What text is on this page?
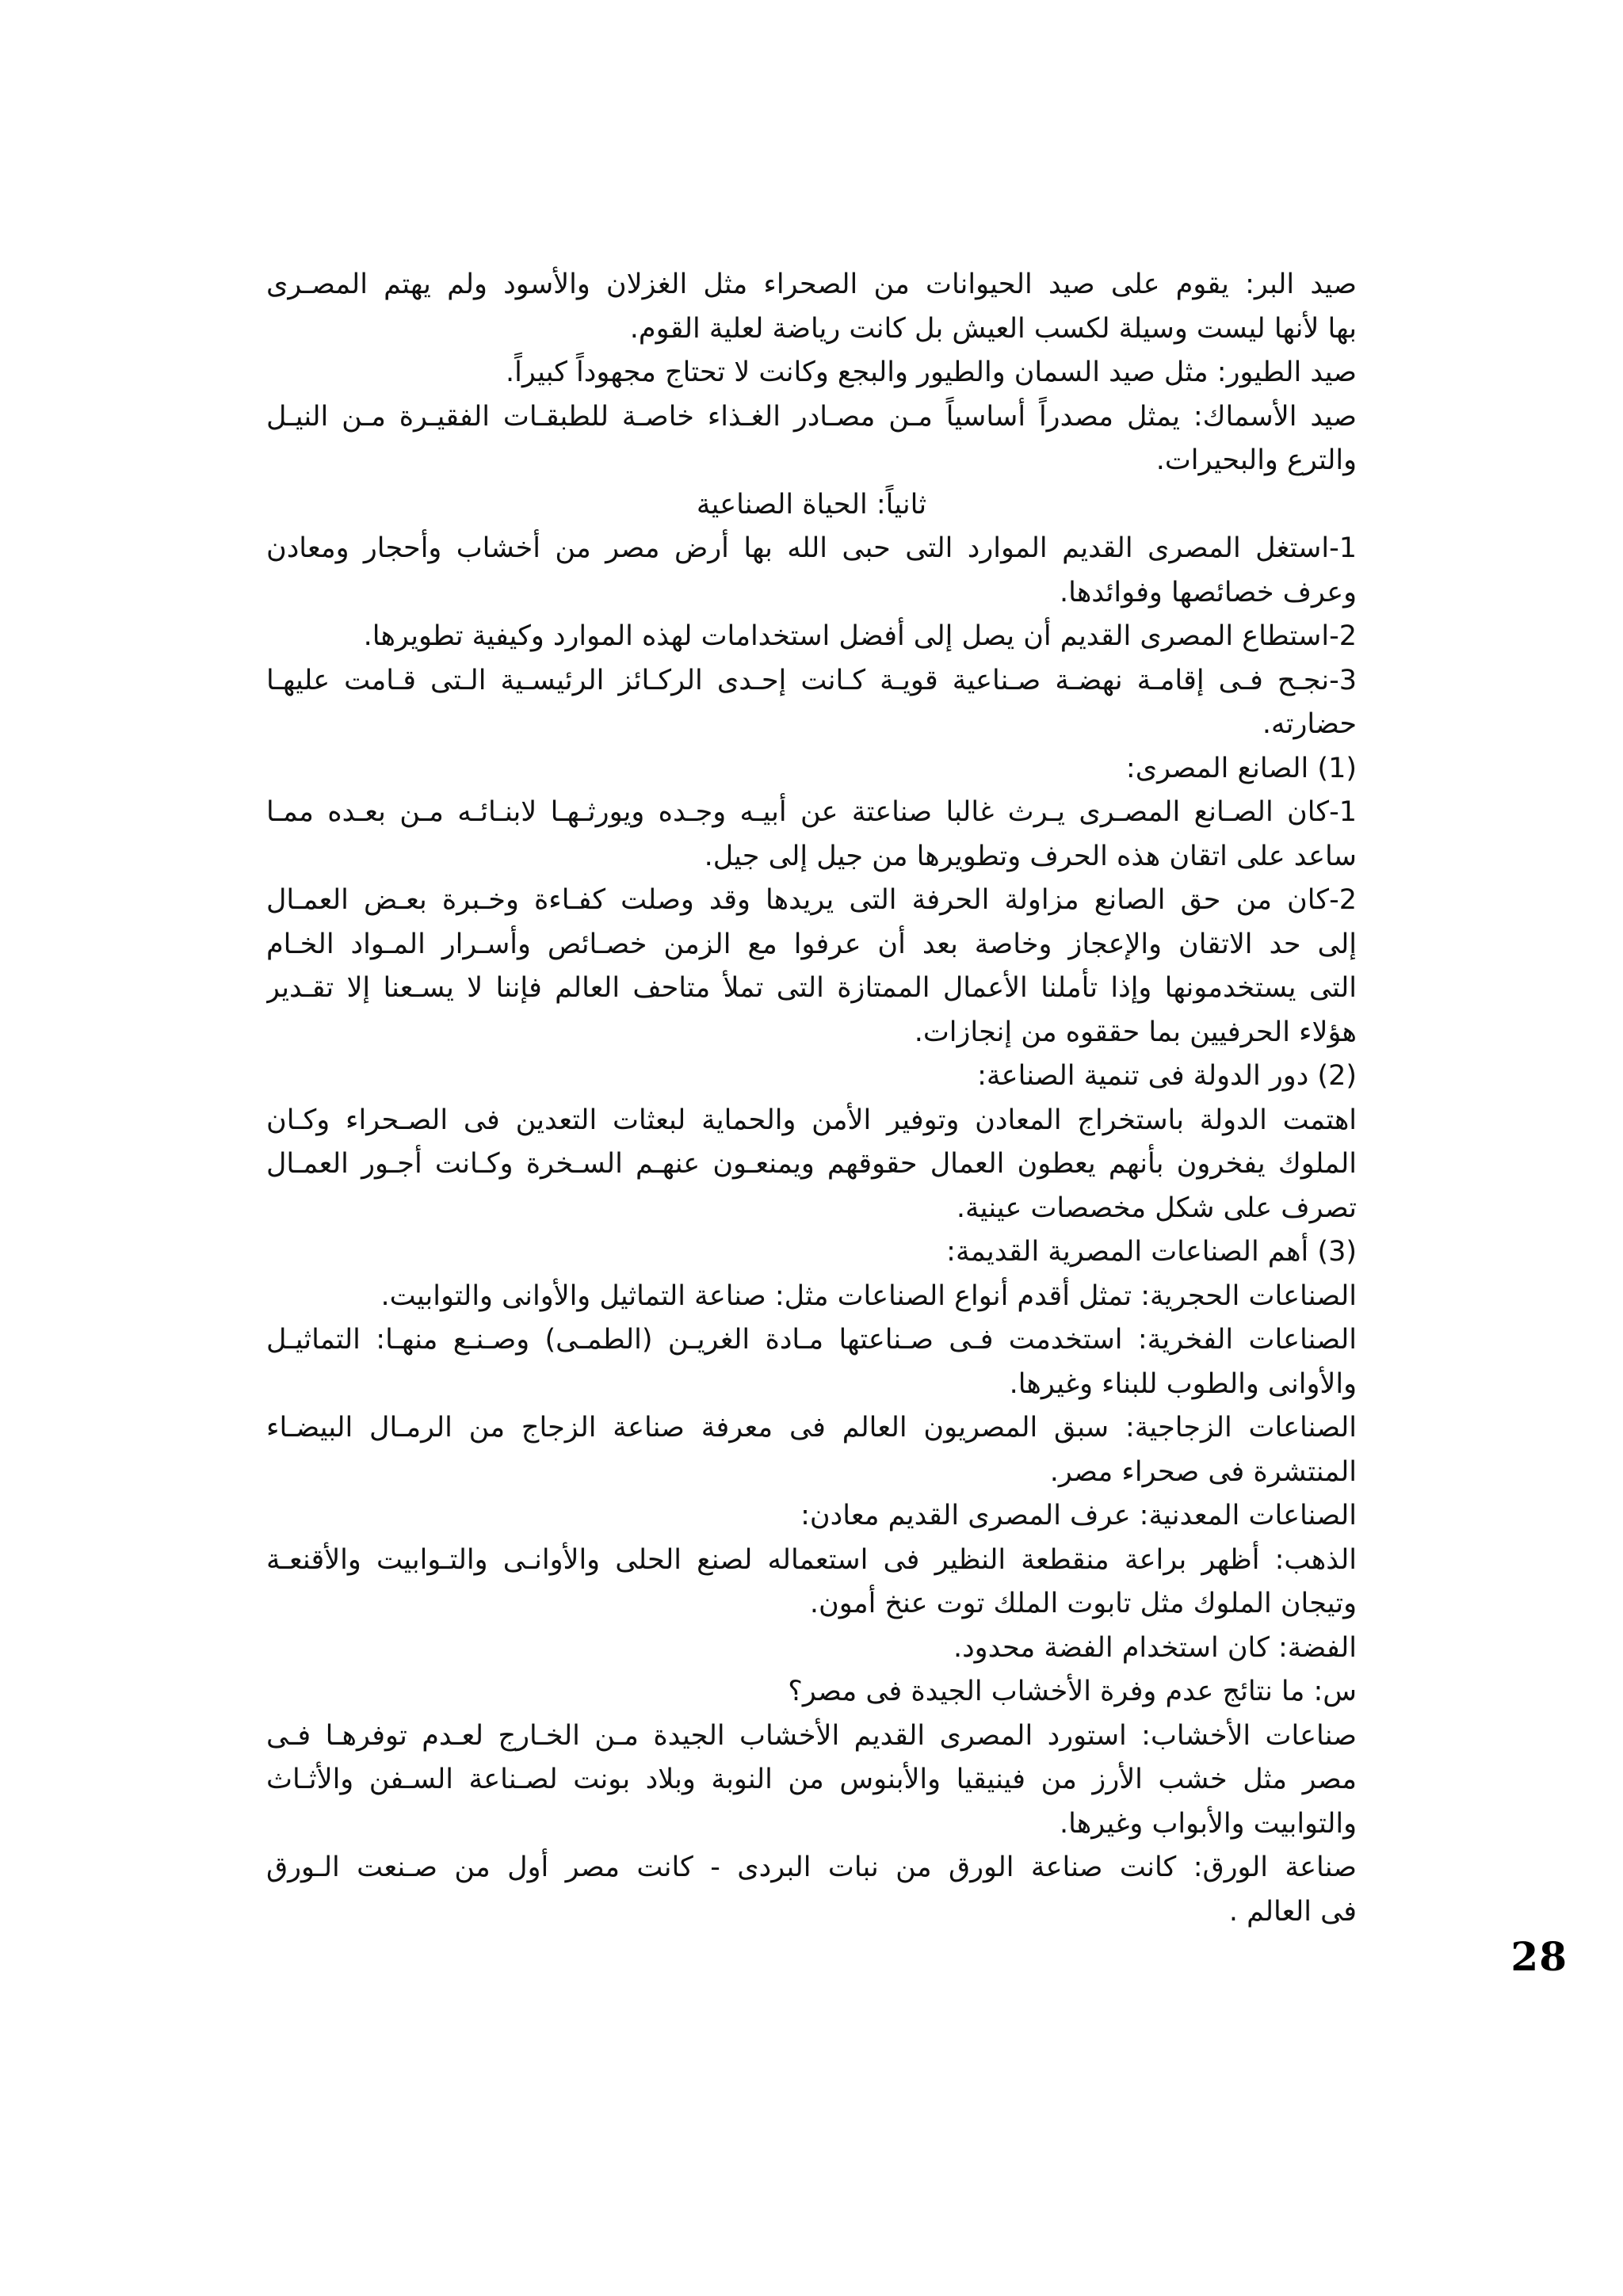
صيد البر: يقوم على صيد الحيوانات من الصحراء مثل الغزلان والأسود ولم يهتم المصـرى
بها لأنها ليست وسيلة لكسب العيش بل كانت رياضة لعلية القوم.
صيد الطيور: مثل صيد السمان والطيور والبجع وكانت لا تحتاج مجهوداً كبيراً.
صيد الأسماك: يمثل مصدراً أساسياً مـن مصـادر الغـذاء خاصـة للطبقـات الفقيـرة مـن النيـل
والترع والبحيرات.
ثانياً: الحياة الصناعية
1-استغل المصرى القديم الموارد التى حبى الله بها أرض مصر من أخشاب وأحجار ومعادن
وعرف خصائصها وفوائدها.
2-استطاع المصرى القديم أن يصل إلى أفضل استخدامات لهذه الموارد وكيفية تطويرها.
3-نجـح فـى إقامـة نهضـة صـناعية قويـة كـانت إحـدى الركـائز الرئيسـية الـتى قـامت عليهـا
حضارته.
(1) الصانع المصرى:
1-كان الصـانع المصـرى يـرث غالبا صناعتة عن أبيـه وجـده ويورثـهـا لابنـائـه مـن بعـده ممـا
ساعد على اتقان هذه الحرف وتطويرها من جيل إلى جيل.
2-كان من حق الصانع مزاولة الحرفة التى يريدها وقد وصلت كفـاءة وخـبرة بعـض العمـال
إلى حد الاتقان والإعجاز وخاصة بعد أن عرفوا مع الزمن خصـائص وأسـرار المـواد الخـام
التى يستخدمونها وإذا تأملنا الأعمال الممتازة التى تملأ متاحف العالم فإننا لا يسـعنا إلا تقـدير
هؤلاء الحرفيين بما حققوه من إنجازات.
(2) دور الدولة فى تنمية الصناعة:
اهتمت الدولة باستخراج المعادن وتوفير الأمن والحماية لبعثات التعدين فى الصـحراء وكـان
الملوك يفخرون بأنهم يعطون العمال حقوقهم ويمنعـون عنهـم السـخرة وكـانت أجـور العمـال
تصرف على شكل مخصصات عينية.
(3) أهم الصناعات المصرية القديمة:
الصناعات الحجرية: تمثل أقدم أنواع الصناعات مثل: صناعة التماثيل والأوانى والتوابيت.
الصناعات الفخرية: استخدمت فـى صـناعتها مـادة الغريـن (الطمـى) وصـنـع منهـا: التماثيـل
والأوانى والطوب للبناء وغيرها.
الصناعات الزجاجية: سبق المصريون العالم فى معرفة صناعة الزجاج من الرمـال البيضـاء
المنتشرة فى صحراء مصر.
الصناعات المعدنية: عرف المصرى القديم معادن:
الذهب: أظهر براعة منقطعة النظير فى استعماله لصنع الحلى والأوانـى والتـوابيت والأقنعـة
وتيجان الملوك مثل تابوت الملك توت عنخ أمون.
الفضة: كان استخدام الفضة محدود.
س: ما نتائج عدم وفرة الأخشاب الجيدة فى مصر؟
صناعات الأخشاب: استورد المصرى القديم الأخشاب الجيدة مـن الخـارج لعـدم توفرهـا فـى
مصر مثل خشب الأرز من فينيقيا والأبنوس من النوبة وبلاد بونت لصـناعة السـفن والأثـاث
والتوابيت والأبواب وغيرها.
صناعة الورق: كانت صناعة الورق من نبات البردى - كانت مصر أول من صـنعت الـورق
فى العالم .
28
